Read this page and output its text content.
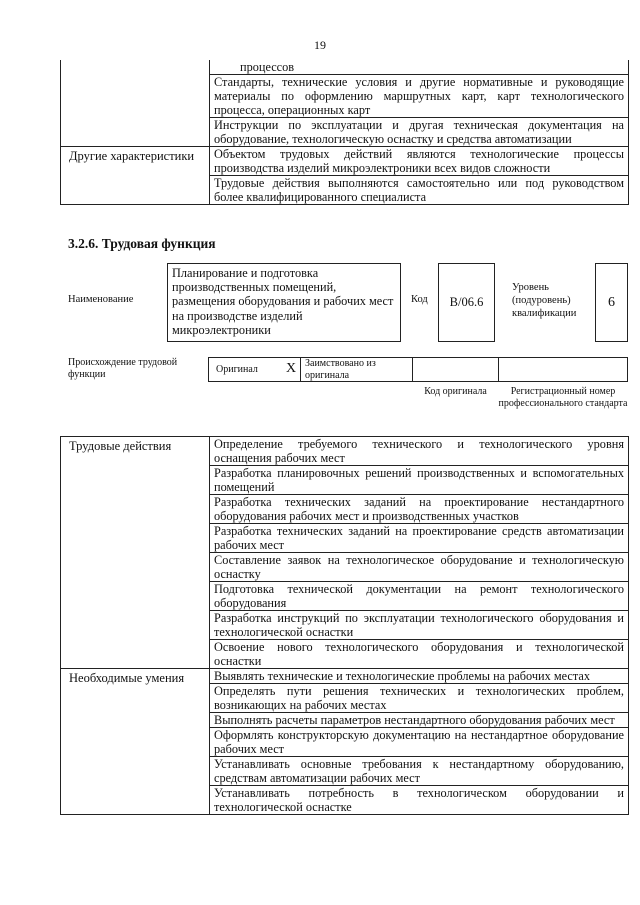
19
	процессов
	Стандарты, технические условия и другие нормативные и руководящие материалы по оформлению маршрутных карт, карт технологического процесса, операционных карт
	Инструкции по эксплуатации и другая техническая документация на оборудование, технологическую оснастку и средства автоматизации
Другие характеристики	Объектом трудовых действий являются технологические процессы производства изделий микроэлектроники всех видов сложности
	Трудовые действия выполняются самостоятельно или под руководством более квалифицированного специалиста
3.2.6. Трудовая функция
Наименование
Планирование и подготовка производственных помещений, размещения оборудования и рабочих мест на производстве изделий микроэлектроники
Код	B/06.6
Уровень (подуровень) квалификации
6
Происхождение трудовой функции	Оригинал X Заимствовано из оригинала
Код оригинала	Регистрационный номер профессионального стандарта
Трудовые действия	Определение требуемого технического и технологического уровня оснащения рабочих мест
	Разработка планировочных решений производственных и вспомогательных помещений
	Разработка технических заданий на проектирование нестандартного оборудования рабочих мест и производственных участков
	Разработка технических заданий на проектирование средств автоматизации рабочих мест
	Составление заявок на технологическое оборудование и технологическую оснастку
	Подготовка технической документации на ремонт технологического оборудования
	Разработка инструкций по эксплуатации технологического оборудования и технологической оснастки
	Освоение нового технологического оборудования и технологической оснастки
Необходимые умения	Выявлять технические и технологические проблемы на рабочих местах
	Определять пути решения технических и технологических проблем, возникающих на рабочих местах
	Выполнять расчеты параметров нестандартного оборудования рабочих мест
	Оформлять конструкторскую документацию на нестандартное оборудование рабочих мест
	Устанавливать основные требования к нестандартному оборудованию, средствам автоматизации рабочих мест
	Устанавливать потребность в технологическом оборудовании и технологической оснастке
